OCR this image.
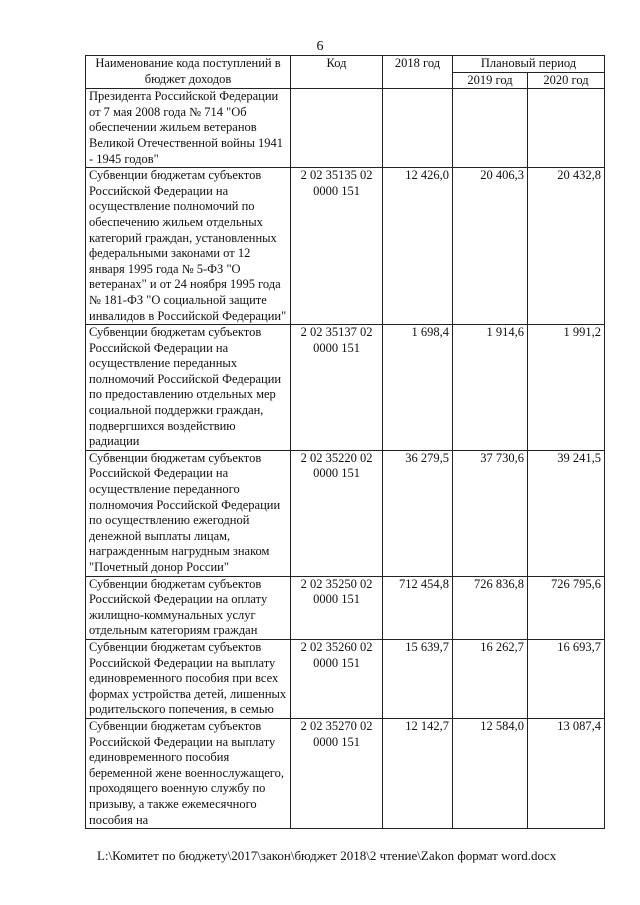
6
Наименование кода поступлений в бюджет доходов	Код	2018 год	Плановый период	
			2019 год	2020 год
Президента Российской Федерации от 7 мая 2008 года № 714 "Об обеспечении жильем ветеранов Великой Отечественной войны 1941 - 1945 годов"				
Субвенции бюджетам субъектов Российской Федерации на осуществление полномочий по обеспечению жильем отдельных категорий граждан, установленных федеральными законами от 12 января 1995 года № 5-ФЗ "О ветеранах" и от 24 ноября 1995 года № 181-ФЗ "О социальной защите инвалидов в Российской Федерации"	2 02 35135 02 0000 151	12 426,0	20 406,3	20 432,8
Субвенции бюджетам субъектов Российской Федерации на осуществление переданных полномочий Российской Федерации по предоставлению отдельных мер социальной поддержки граждан, подвергшихся воздействию радиации	2 02 35137 02 0000 151	1 698,4	1 914,6	1 991,2
Субвенции бюджетам субъектов Российской Федерации на осуществление переданного полномочия Российской Федерации по осуществлению ежегодной денежной выплаты лицам, награжденным нагрудным знаком "Почетный донор России"	2 02 35220 02 0000 151	36 279,5	37 730,6	39 241,5
Субвенции бюджетам субъектов Российской Федерации на оплату жилищно-коммунальных услуг отдельным категориям граждан	2 02 35250 02 0000 151	712 454,8	726 836,8	726 795,6
Субвенции бюджетам субъектов Российской Федерации на выплату единовременного пособия при всех формах устройства детей, лишенных родительского попечения, в семью	2 02 35260 02 0000 151	15 639,7	16 262,7	16 693,7
Субвенции бюджетам субъектов Российской Федерации на выплату единовременного пособия беременной жене военнослужащего, проходящего военную службу по призыву, а также ежемесячного пособия на	2 02 35270 02 0000 151	12 142,7	12 584,0	13 087,4
L:\Комитет по бюджету\2017\закон\бюджет 2018\2 чтение\Zakon формат word.docx
